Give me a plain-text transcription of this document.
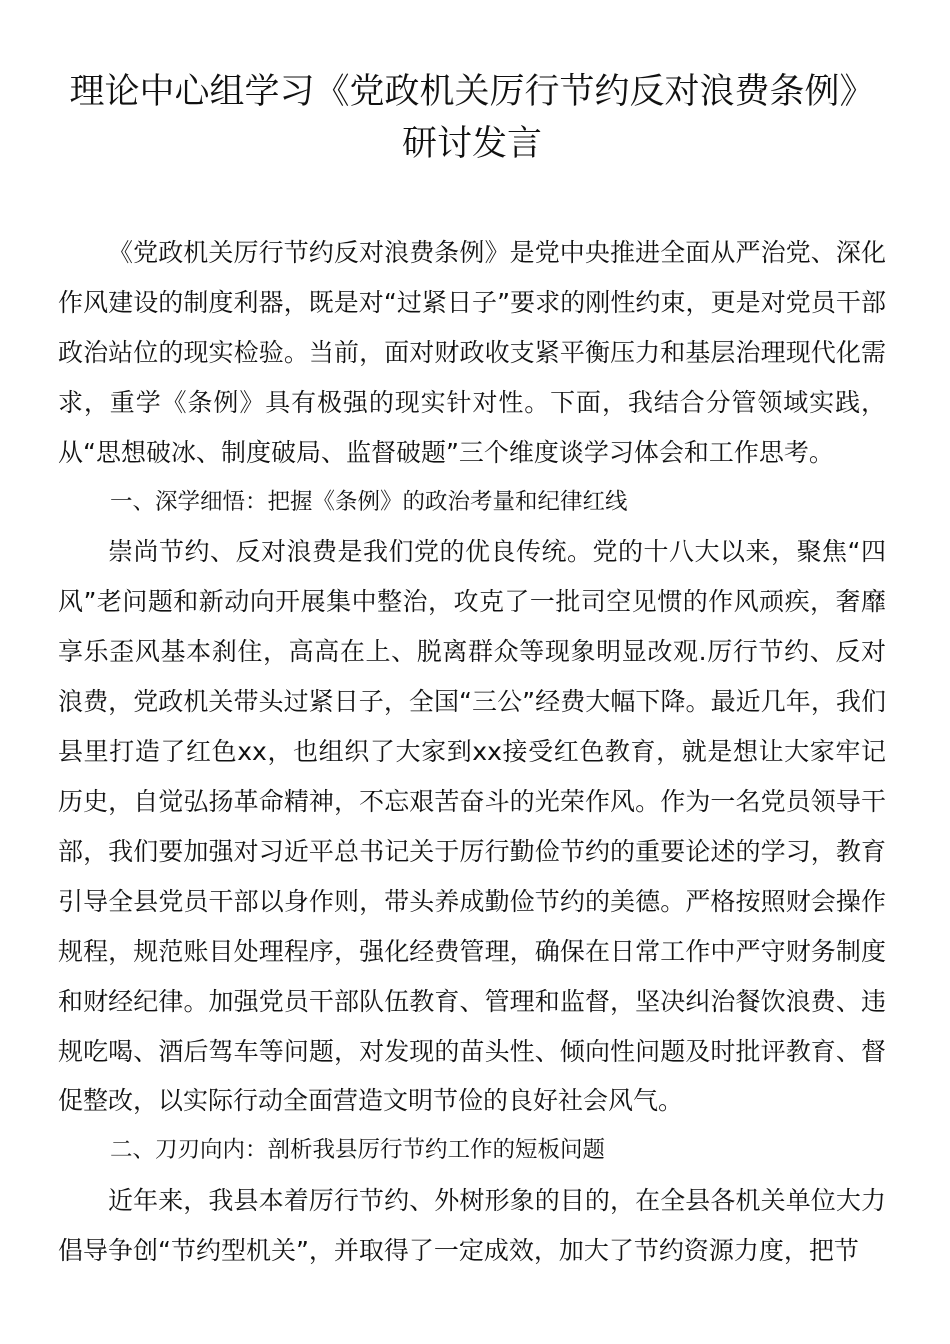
理论中心组学习《党政机关厉行节约反对浪费条例》
研讨发言

《党政机关厉行节约反对浪费条例》是党中央推进全面从严治党、深化作风建设的制度利器，既是对“过紧日子”要求的刚性约束，更是对党员干部政治站位的现实检验。当前，面对财政收支紧平衡压力和基层治理现代化需求，重学《条例》具有极强的现实针对性。下面，我结合分管领域实践，从“思想破冰、制度破局、监督破题”三个维度谈学习体会和工作思考。

一、深学细悟：把握《条例》的政治考量和纪律红线

崇尚节约、反对浪费是我们党的优良传统。党的十八大以来，聚焦“四风”老问题和新动向开展集中整治，攻克了一批司空见惯的作风顽疾，奢靡享乐歪风基本刹住，高高在上、脱离群众等现象明显改观.厉行节约、反对浪费，党政机关带头过紧日子，全国“三公”经费大幅下降。最近几年，我们县里打造了红色xx，也组织了大家到xx接受红色教育，就是想让大家牢记历史，自觉弘扬革命精神，不忘艰苦奋斗的光荣作风。作为一名党员领导干部，我们要加强对习近平总书记关于厉行勤俭节约的重要论述的学习，教育引导全县党员干部以身作则，带头养成勤俭节约的美德。严格按照财会操作规程，规范账目处理程序，强化经费管理，确保在日常工作中严守财务制度和财经纪律。加强党员干部队伍教育、管理和监督，坚决纠治餐饮浪费、违规吃喝、酒后驾车等问题，对发现的苗头性、倾向性问题及时批评教育、督促整改，以实际行动全面营造文明节俭的良好社会风气。

二、刀刃向内：剖析我县厉行节约工作的短板问题

近年来，我县本着厉行节约、外树形象的目的，在全县各机关单位大力倡导争创“节约型机关”，并取得了一定成效，加大了节约资源力度，把节
